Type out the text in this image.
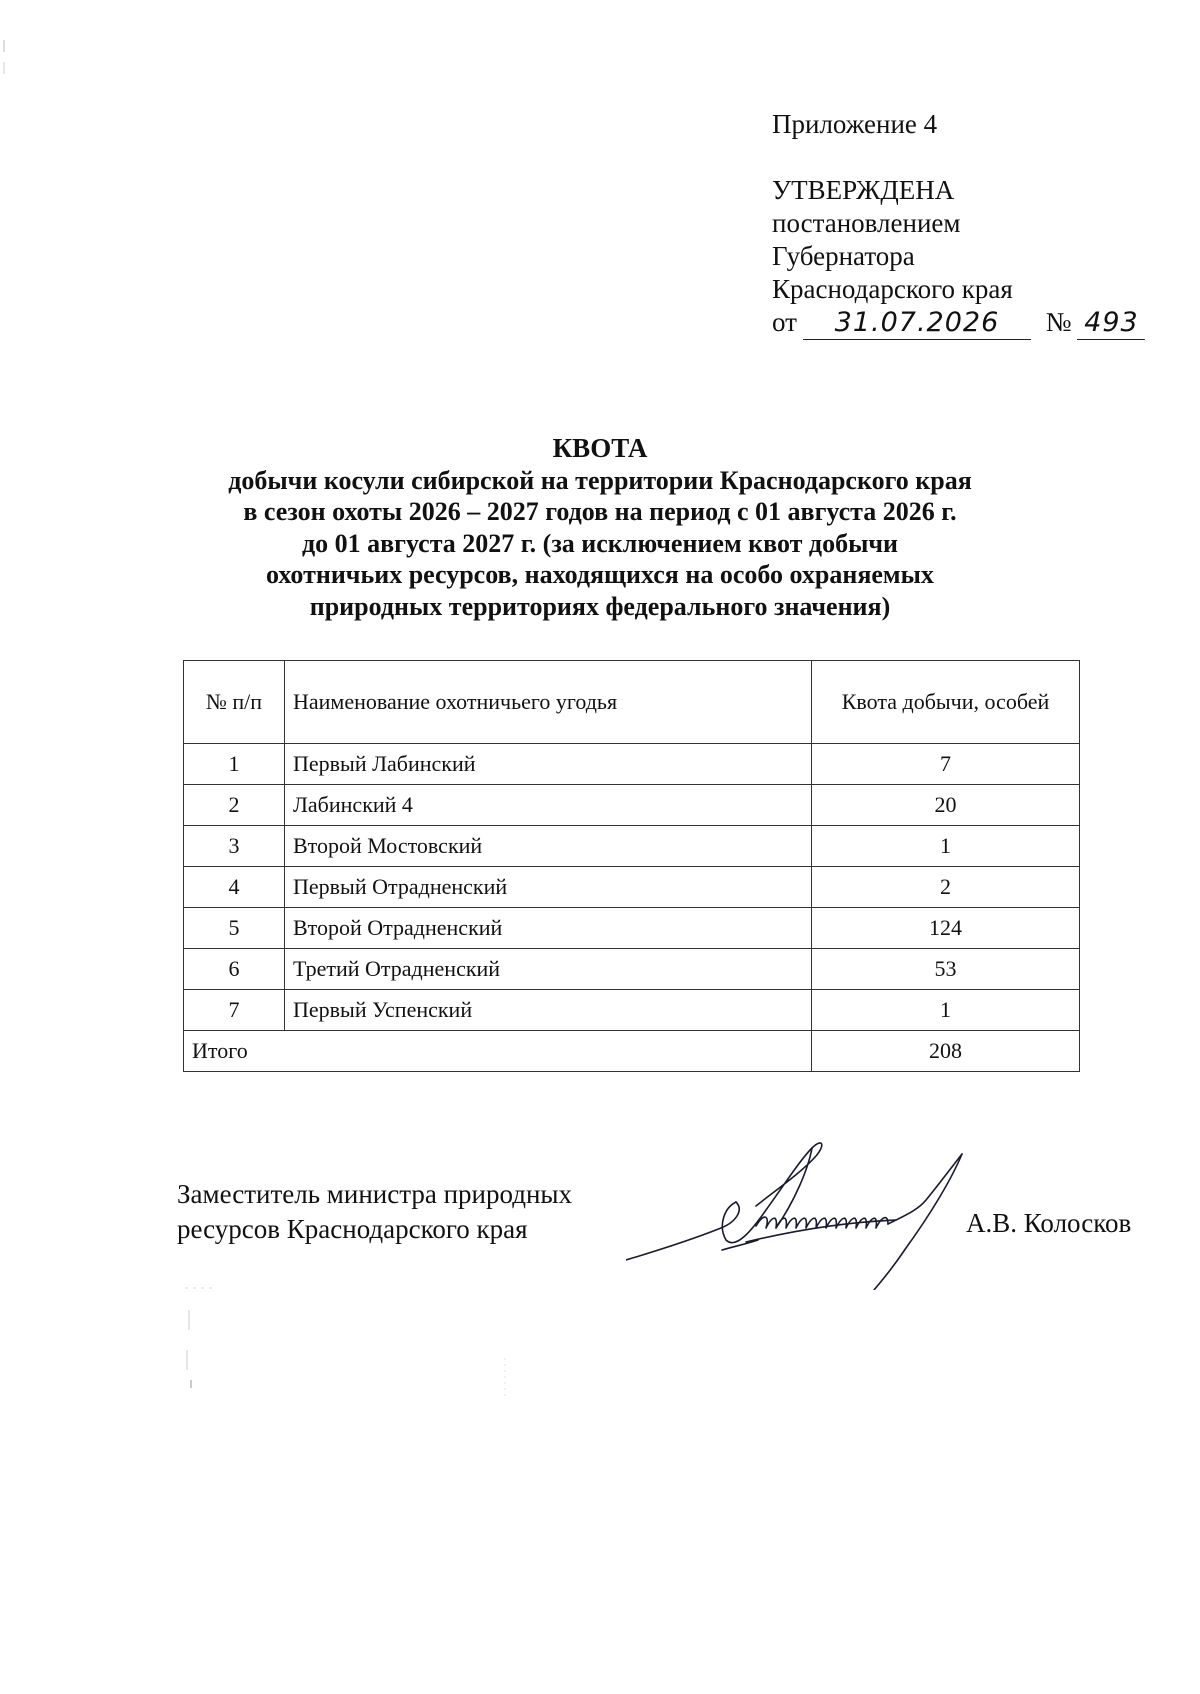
Приложение 4
УТВЕРЖДЕНА
постановлением
Губернатора
Краснодарского края
от 31.07.2026 № 493
КВОТА
добычи косули сибирской на территории Краснодарского края
в сезон охоты 2026 – 2027 годов на период с 01 августа 2026 г.
до 01 августа 2027 г. (за исключением квот добычи
охотничьих ресурсов, находящихся на особо охраняемых
природных территориях федерального значения)
№ п/п	Наименование охотничьего угодья	Квота добычи, особей
1	Первый Лабинский	7
2	Лабинский 4	20
3	Второй Мостовский	1
4	Первый Отрадненский	2
5	Второй Отрадненский	124
6	Третий Отрадненский	53
7	Первый Успенский	1
Итого		208
Заместитель министра природных
ресурсов Краснодарского края	А.В. Колосков
